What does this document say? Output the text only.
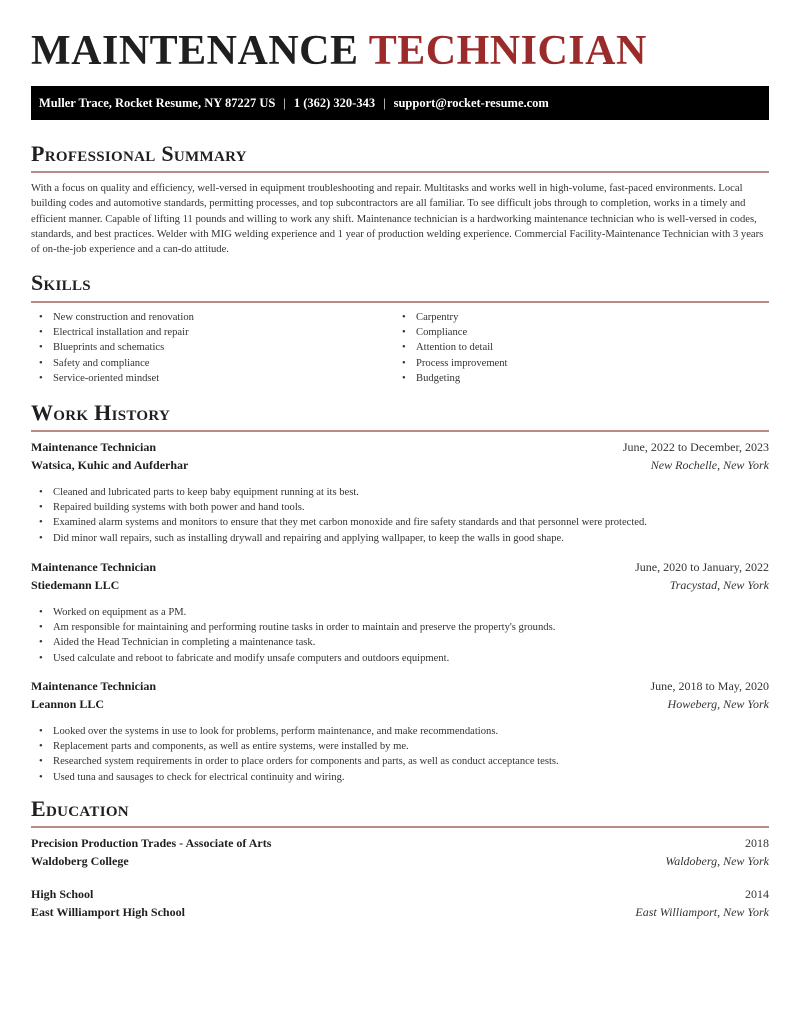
MAINTENANCE TECHNICIAN
Muller Trace, Rocket Resume, NY 87227 US | 1 (362) 320-343 | support@rocket-resume.com
Professional Summary

With a focus on quality and efficiency, well-versed in equipment troubleshooting and repair. Multitasks and works well in high-volume, fast-paced environments. Local building codes and automotive standards, permitting processes, and top subcontractors are all familiar. To see difficult jobs through to completion, works in a timely and efficient manner. Capable of lifting 11 pounds and willing to work any shift. Maintenance technician is a hardworking maintenance technician who is well-versed in codes, standards, and best practices. Welder with MIG welding experience and 1 year of production welding experience. Commercial Facility-Maintenance Technician with 3 years of on-the-job experience and a can-do attitude.

Skills
• New construction and renovation
• Electrical installation and repair
• Blueprints and schematics
• Safety and compliance
• Service-oriented mindset
• Carpentry
• Compliance
• Attention to detail
• Process improvement
• Budgeting
Work History
Maintenance Technician	June, 2022 to December, 2023
Watsica, Kuhic and Aufderhar	New Rochelle, New York
• Cleaned and lubricated parts to keep baby equipment running at its best.
• Repaired building systems with both power and hand tools.
• Examined alarm systems and monitors to ensure that they met carbon monoxide and fire safety standards and that personnel were protected.
• Did minor wall repairs, such as installing drywall and repairing and applying wallpaper, to keep the walls in good shape.
Maintenance Technician	June, 2020 to January, 2022
Stiedemann LLC	Tracystad, New York
• Worked on equipment as a PM.
• Am responsible for maintaining and performing routine tasks in order to maintain and preserve the property's grounds.
• Aided the Head Technician in completing a maintenance task.
• Used calculate and reboot to fabricate and modify unsafe computers and outdoors equipment.
Maintenance Technician	June, 2018 to May, 2020
Leannon LLC	Howeberg, New York
• Looked over the systems in use to look for problems, perform maintenance, and make recommendations.
• Replacement parts and components, as well as entire systems, were installed by me.
• Researched system requirements in order to place orders for components and parts, as well as conduct acceptance tests.
• Used tuna and sausages to check for electrical continuity and wiring.
Education
Precision Production Trades - Associate of Arts	2018
Waldoberg College	Waldoberg, New York
High School	2014
East Williamport High School	East Williamport, New York
